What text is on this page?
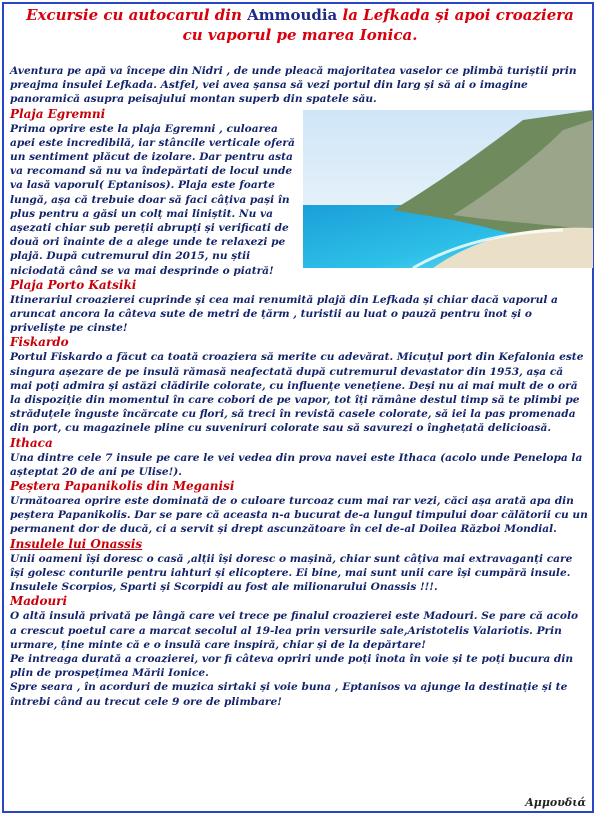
Excursie cu autocarul din Ammoudia la Lefkada și apoi croaziera
cu vaporul pe marea Ionica.

Aventura pe apă va începe din Nidri , de unde pleacă majoritatea vaselor ce plimbă turiștii prin preajma insulei Lefkada. Astfel, vei avea șansa să vezi portul din larg și să ai o imagine panoramică asupra peisajului montan superb din spatele său.

Plaja Egremni

Prima oprire este la plaja Egremni , culoarea apei este incredibilă, iar stâncile verticale oferă un sentiment plăcut de izolare. Dar pentru asta va recomand să nu va îndepărtati de locul unde va lasă vaporul( Eptanisos). Plaja este foarte lungă, așa că trebuie doar să faci câțiva pași în plus pentru a găsi un colț mai liniștit. Nu va așezati chiar sub pereții abrupți și verificati de două ori înainte de a alege unde te relaxezi pe plajă. După cutremurul din 2015, nu știi niciodată când se va mai desprinde o piatră!

Plaja Porto Katsiki

Itinerariul croazierei cuprinde și cea mai renumită plajă din Lefkada și chiar dacă vaporul a aruncat ancora la câteva sute de metri de țărm , turistii au luat o pauză pentru înot și o priveliște pe cinste!

Fiskardo

Portul Fiskardo a făcut ca toată croaziera să merite cu adevărat. Micuțul port din Kefalonia este singura așezare de pe insulă rămasă neafectată după cutremurul devastator din 1953, așa că mai poți admira și astăzi clădirile colorate, cu influențe venețiene. Deși nu ai mai mult de o oră la dispoziție din momentul în care cobori de pe vapor, tot îți rămâne destul timp să te plimbi pe străduțele înguste încărcate cu flori, să treci în revistă casele colorate, să iei la pas promenada din port, cu magazinele pline cu suveniruri colorate sau să savurezi o înghețată delicioasă.

Ithaca

Una dintre cele 7 insule pe care le vei vedea din prova navei este Ithaca (acolo unde Penelopa la așteptat 20 de ani pe Ulise!).

Peștera Papanikolis din Meganisi

Următoarea oprire este dominată de o culoare turcoaz cum mai rar vezi, căci așa arată apa din peștera Papanikolis. Dar se pare că aceasta n-a bucurat de-a lungul timpului doar călătorii cu un permanent dor de ducă, ci a servit și drept ascunzătoare în cel de-al Doilea Război Mondial.

Insulele lui Onassis

Unii oameni își doresc o casă ,alții își doresc o mașină, chiar sunt câțiva mai extravaganți care își golesc conturile pentru iahturi și elicoptere. Ei bine, mai sunt unii care își cumpără insule. Insulele Scorpios, Sparti și Scorpidi au fost ale milionarului Onassis !!!.

Madouri

O altă insulă privată pe lângă care vei trece pe finalul croazierei este Madouri. Se pare că acolo a crescut poetul care a marcat secolul al 19-lea prin versurile sale,Aristotelis Valariotis. Prin urmare, ține minte că e o insulă care inspiră, chiar și de la depărtare!

Pe intreaga durată a croazierei, vor fi câteva opriri unde poți înota în voie și te poți bucura din plin de prospețimea Mării Ionice.

Spre seara , în acorduri de muzica sirtaki și voie buna , Eptanisos va ajunge la destinație și te întrebi când au trecut cele 9 ore de plimbare!

Αμμουδιά
